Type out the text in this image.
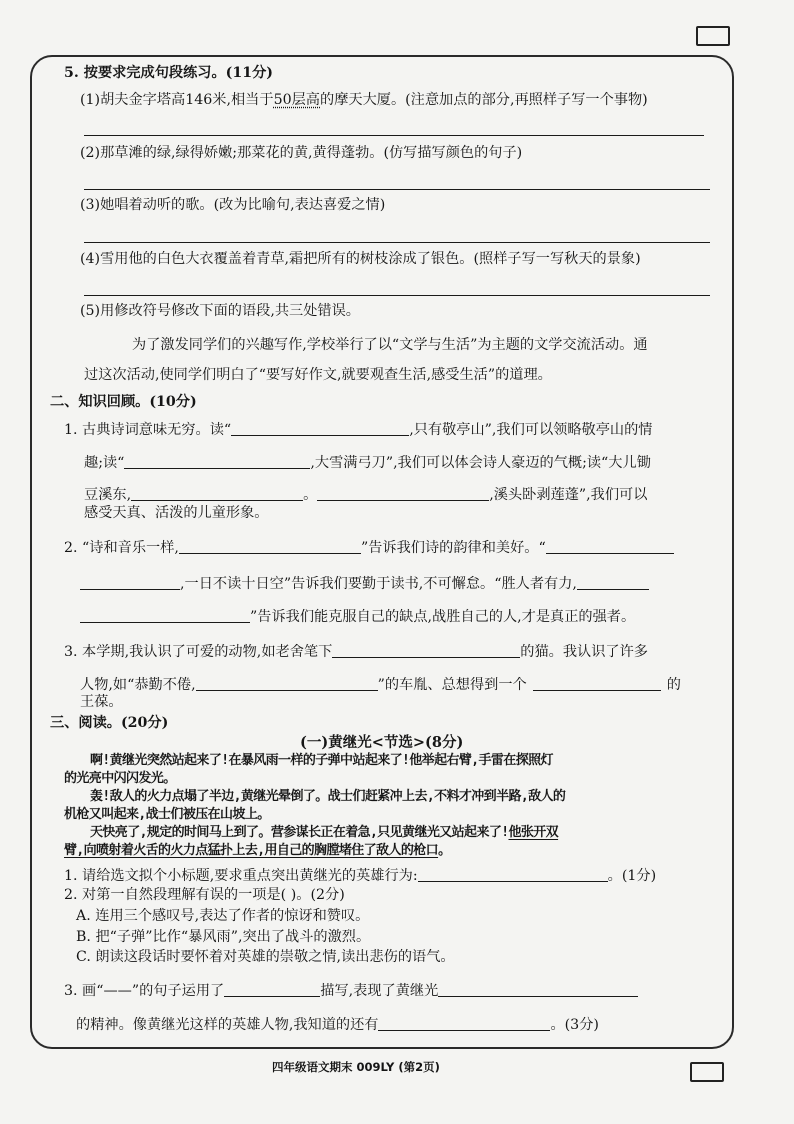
5. 按要求完成句段练习。(11分)
(1)胡夫金字塔高146米,相当于50层高的摩天大厦。(注意加点的部分,再照样子写一个事物)
(2)那草滩的绿,绿得娇嫩;那菜花的黄,黄得蓬勃。(仿写描写颜色的句子)
(3)她唱着动听的歌。(改为比喻句,表达喜爱之情)
(4)雪用他的白色大衣覆盖着青草,霜把所有的树枝涂成了银色。(照样子写一写秋天的景象)
(5)用修改符号修改下面的语段,共三处错误。
为了激发同学们的兴趣写作,学校举行了以“文学与生活”为主题的文学交流活动。通
过这次活动,使同学们明白了“要写好作文,就要观查生活,感受生活”的道理。
二、知识回顾。(10分)
1. 古典诗词意味无穷。读“	,只有敬亭山”,我们可以领略敬亭山的情
趣;读“	,大雪满弓刀”,我们可以体会诗人豪迈的气概;读“大儿锄
豆溪东,	。	,溪头卧剥莲蓬”,我们可以
感受天真、活泼的儿童形象。
2. “诗和音乐一样,	”告诉我们诗的韵律和美好。“
,一日不读十日空”告诉我们要勤于读书,不可懈怠。“胜人者有力,
”告诉我们能克服自己的缺点,战胜自己的人,才是真正的强者。
3. 本学期,我认识了可爱的动物,如老舍笔下	的猫。我认识了许多
人物,如“恭勤不倦,	”的车胤、总想得到一个	的
王葆。
三、阅读。(20分)
(一)黄继光<节选>(8分)
啊!黄继光突然站起来了!在暴风雨一样的子弹中站起来了!他举起右臂,手雷在探照灯
的光亮中闪闪发光。
轰!敌人的火力点塌了半边,黄继光晕倒了。战士们赶紧冲上去,不料才冲到半路,敌人的
机枪又叫起来,战士们被压在山坡上。
天快亮了,规定的时间马上到了。营参谋长正在着急,只见黄继光又站起来了!他张开双
臂,向喷射着火舌的火力点猛扑上去,用自己的胸膛堵住了敌人的枪口。
1. 请给选文拟个小标题,要求重点突出黄继光的英雄行为:	。(1分)
2. 对第一自然段理解有误的一项是( )。(2分)
A. 连用三个感叹号,表达了作者的惊讶和赞叹。
B. 把“子弹”比作“暴风雨”,突出了战斗的激烈。
C. 朗读这段话时要怀着对英雄的崇敬之情,读出悲伤的语气。
3. 画“——”的句子运用了	描写,表现了黄继光
的精神。像黄继光这样的英雄人物,我知道的还有	。(3分)
四年级语文期末 009LY (第2页)
